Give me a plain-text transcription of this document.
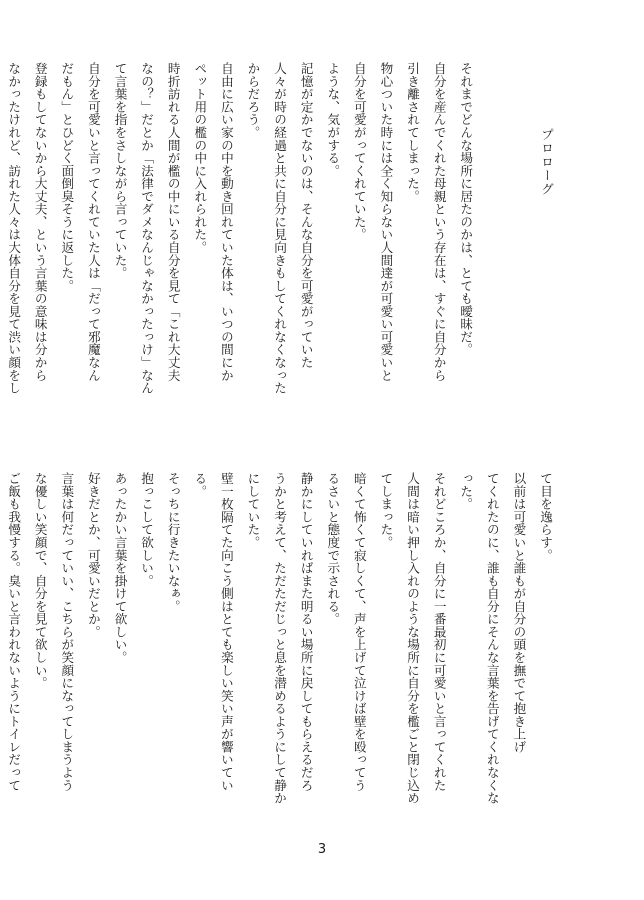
プロローグ

それまでどんな場所に居たのかは、とても曖昧だ。
自分を産んでくれた母親という存在は、すぐに自分から
引き離されてしまった。
物心ついた時には全く知らない人間達が可愛い可愛いと
自分を可愛がってくれていた。
ような、気がする。
記憶が定かでないのは、そんな自分を可愛がっていた
人々が時の経過と共に自分に見向きもしてくれなくなった
からだろう。
自由に広い家の中を動き回れていた体は、いつの間にか
ペット用の檻の中に入れられた。
時折訪れる人間が檻の中にいる自分を見て「これ大丈夫
なの？」だとか「法律でダメなんじゃなかったっけ」なん
て言葉を指をさしながら言っていた。
自分を可愛いと言ってくれていた人は「だって邪魔なん
だもん」とひどく面倒臭そうに返した。
登録もしてないから大丈夫、という言葉の意味は分から
なかったけれど、訪れた人々は大体自分を見て渋い顔をし
て目を逸らす。
以前は可愛いと誰もが自分の頭を撫でて抱き上げ
てくれたのに、誰も自分にそんな言葉を告げてくれなくな
った。
それどころか、自分に一番最初に可愛いと言ってくれた
人間は暗い押し入れのような場所に自分を檻ごと閉じ込め
てしまった。
暗くて怖くて寂しくて、声を上げて泣けば壁を殴ってう
るさいと態度で示される。
静かにしていればまた明るい場所に戻してもらえるだろ
うかと考えて、ただただじっと息を潜めるようにして静か
にしていた。
壁一枚隔てた向こう側はとても楽しい笑い声が響いてい
る。
そっちに行きたいなぁ。
抱っこして欲しい。
あったかい言葉を掛けて欲しい。
好きだとか、可愛いだとか。
言葉は何だっていい、こちらが笑顔になってしまうよう
な優しい笑顔で、自分を見て欲しい。
ご飯も我慢する。臭いと言われないようにトイレだって
3
